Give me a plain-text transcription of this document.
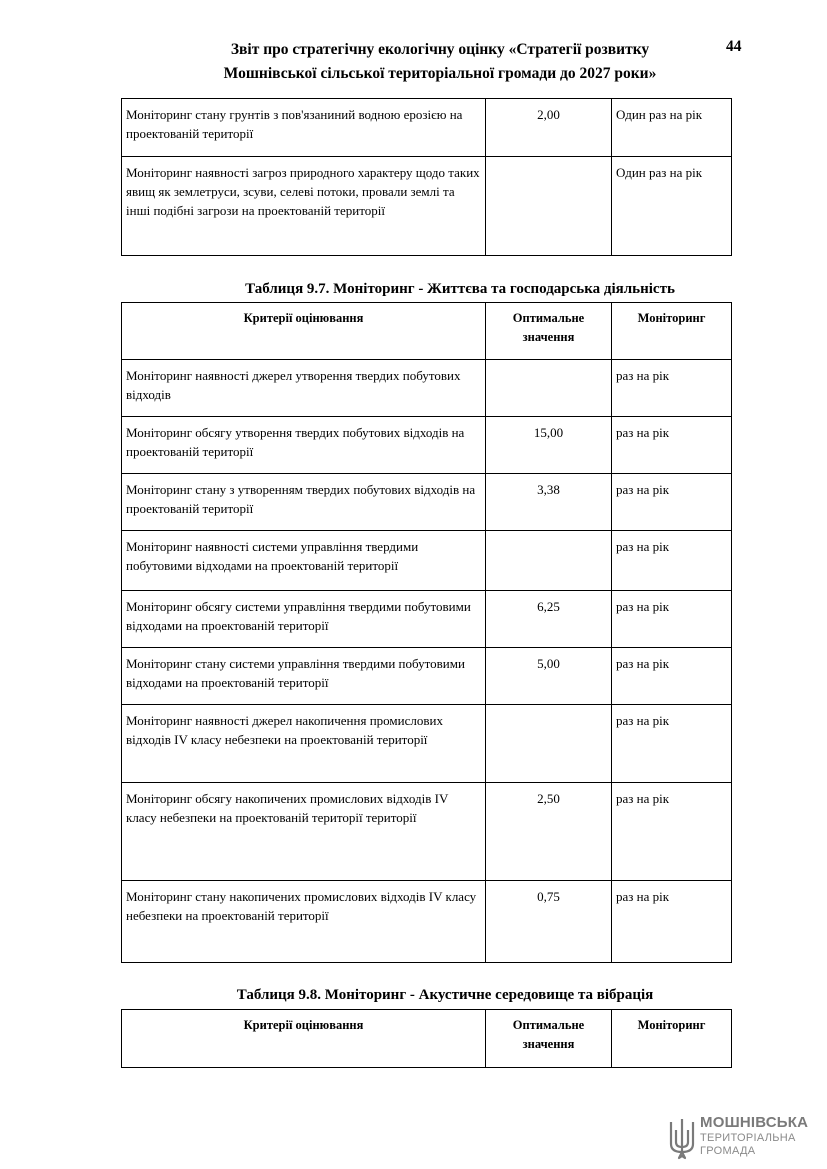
Звіт про стратегічну екологічну оцінку «Стратегії розвитку
Мошнівської сільської територіальної громади до 2027 роки»
44
Моніторинг стану грунтів з пов'язаниний водною ерозією на проектованій території	2,00	Один раз на рік
Моніторинг наявності загроз природного характеру щодо таких явищ як землетруси, зсуви, селеві потоки, провали землі та інші подібні загрози на проектованій території		Один раз на рік
Таблиця 9.7. Моніторинг - Життєва та господарська діяльність
Критерії оцінювання	Оптимальне значення	Моніторинг
Моніторинг наявності джерел утворення твердих побутових відходів		раз на рік
Моніторинг обсягу утворення твердих побутових відходів на проектованій території	15,00	раз на рік
Моніторинг стану з утворенням твердих побутових відходів на проектованій території	3,38	раз на рік
Моніторинг наявності системи управління твердими побутовими відходами на проектованій території		раз на рік
Моніторинг обсягу системи управління твердими побутовими відходами на проектованій території	6,25	раз на рік
Моніторинг стану системи управління твердими побутовими відходами на проектованій території	5,00	раз на рік
Моніторинг наявності джерел накопичення промислових відходів IV класу небезпеки на проектованій території		раз на рік
Моніторинг обсягу накопичених промислових відходів IV класу небезпеки на проектованій території території	2,50	раз на рік
Моніторинг стану накопичених промислових відходів IV класу небезпеки на проектованій території	0,75	раз на рік
Таблиця 9.8. Моніторинг - Акустичне середовище та вібрація
Критерії оцінювання	Оптимальне значення	Моніторинг
МОШНІВСЬКА
ТЕРИТОРІАЛЬНА
ГРОМАДА
